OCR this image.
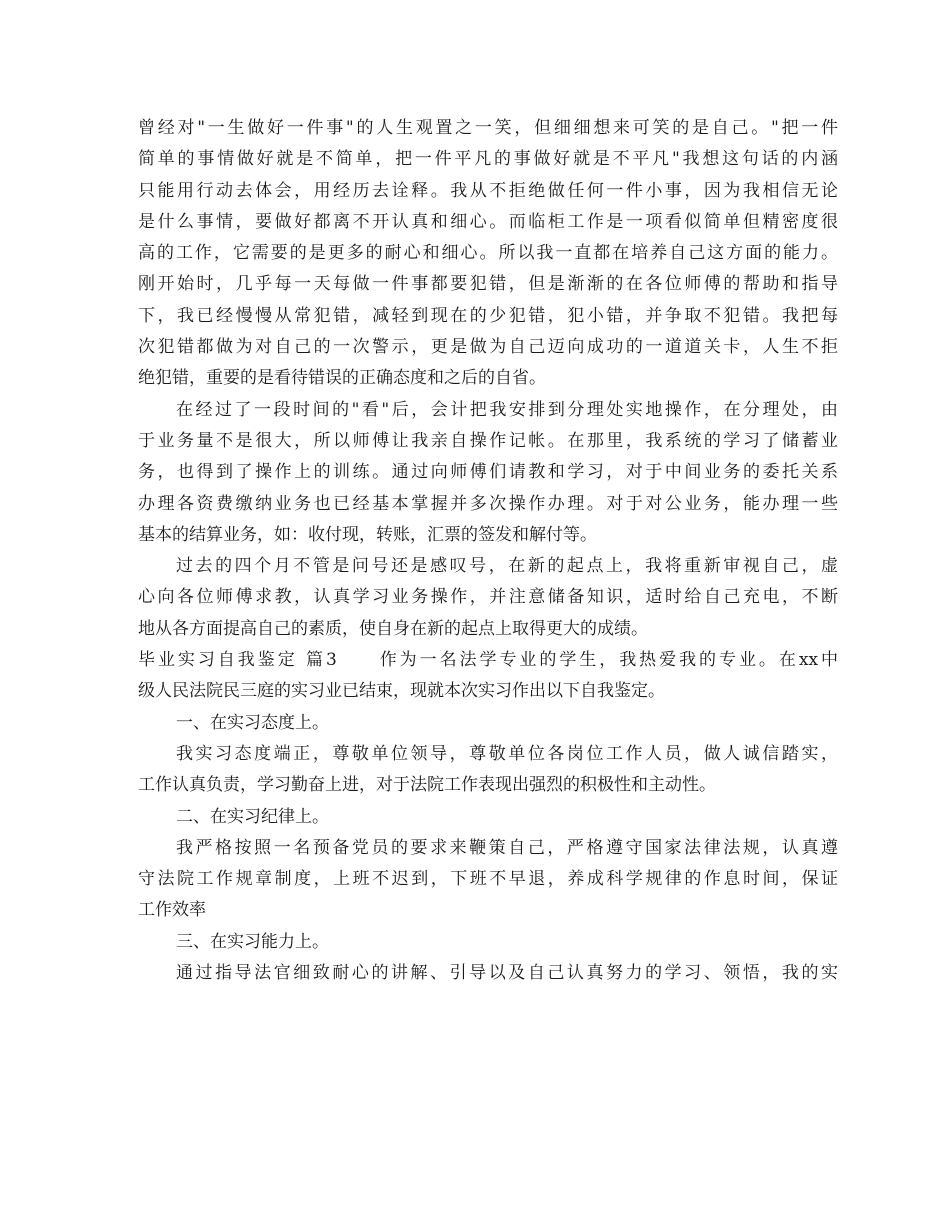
曾经对"一生做好一件事"的人生观置之一笑，但细细想来可笑的是自己。"把一件
简单的事情做好就是不简单，把一件平凡的事做好就是不平凡"我想这句话的内涵
只能用行动去体会，用经历去诠释。我从不拒绝做任何一件小事，因为我相信无论
是什么事情，要做好都离不开认真和细心。而临柜工作是一项看似简单但精密度很
高的工作，它需要的是更多的耐心和细心。所以我一直都在培养自己这方面的能力。
刚开始时，几乎每一天每做一件事都要犯错，但是渐渐的在各位师傅的帮助和指导
下，我已经慢慢从常犯错，减轻到现在的少犯错，犯小错，并争取不犯错。我把每
次犯错都做为对自己的一次警示，更是做为自己迈向成功的一道道关卡，人生不拒
绝犯错，重要的是看待错误的正确态度和之后的自省。
在经过了一段时间的"看"后，会计把我安排到分理处实地操作，在分理处，由
于业务量不是很大，所以师傅让我亲自操作记帐。在那里，我系统的学习了储蓄业
务，也得到了操作上的训练。通过向师傅们请教和学习，对于中间业务的委托关系
办理各资费缴纳业务也已经基本掌握并多次操作办理。对于对公业务，能办理一些
基本的结算业务，如：收付现，转账，汇票的签发和解付等。
过去的四个月不管是问号还是感叹号，在新的起点上，我将重新审视自己，虚
心向各位师傅求教，认真学习业务操作，并注意储备知识，适时给自己充电，不断
地从各方面提高自己的素质，使自身在新的起点上取得更大的成绩。
毕业实习自我鉴定 篇3　　作为一名法学专业的学生，我热爱我的专业。在xx中
级人民法院民三庭的实习业已结束，现就本次实习作出以下自我鉴定。
一、在实习态度上。
我实习态度端正，尊敬单位领导，尊敬单位各岗位工作人员，做人诚信踏实，
工作认真负责，学习勤奋上进，对于法院工作表现出强烈的积极性和主动性。
二、在实习纪律上。
我严格按照一名预备党员的要求来鞭策自己，严格遵守国家法律法规，认真遵
守法院工作规章制度，上班不迟到，下班不早退，养成科学规律的作息时间，保证
工作效率
三、在实习能力上。
通过指导法官细致耐心的讲解、引导以及自己认真努力的学习、领悟，我的实
